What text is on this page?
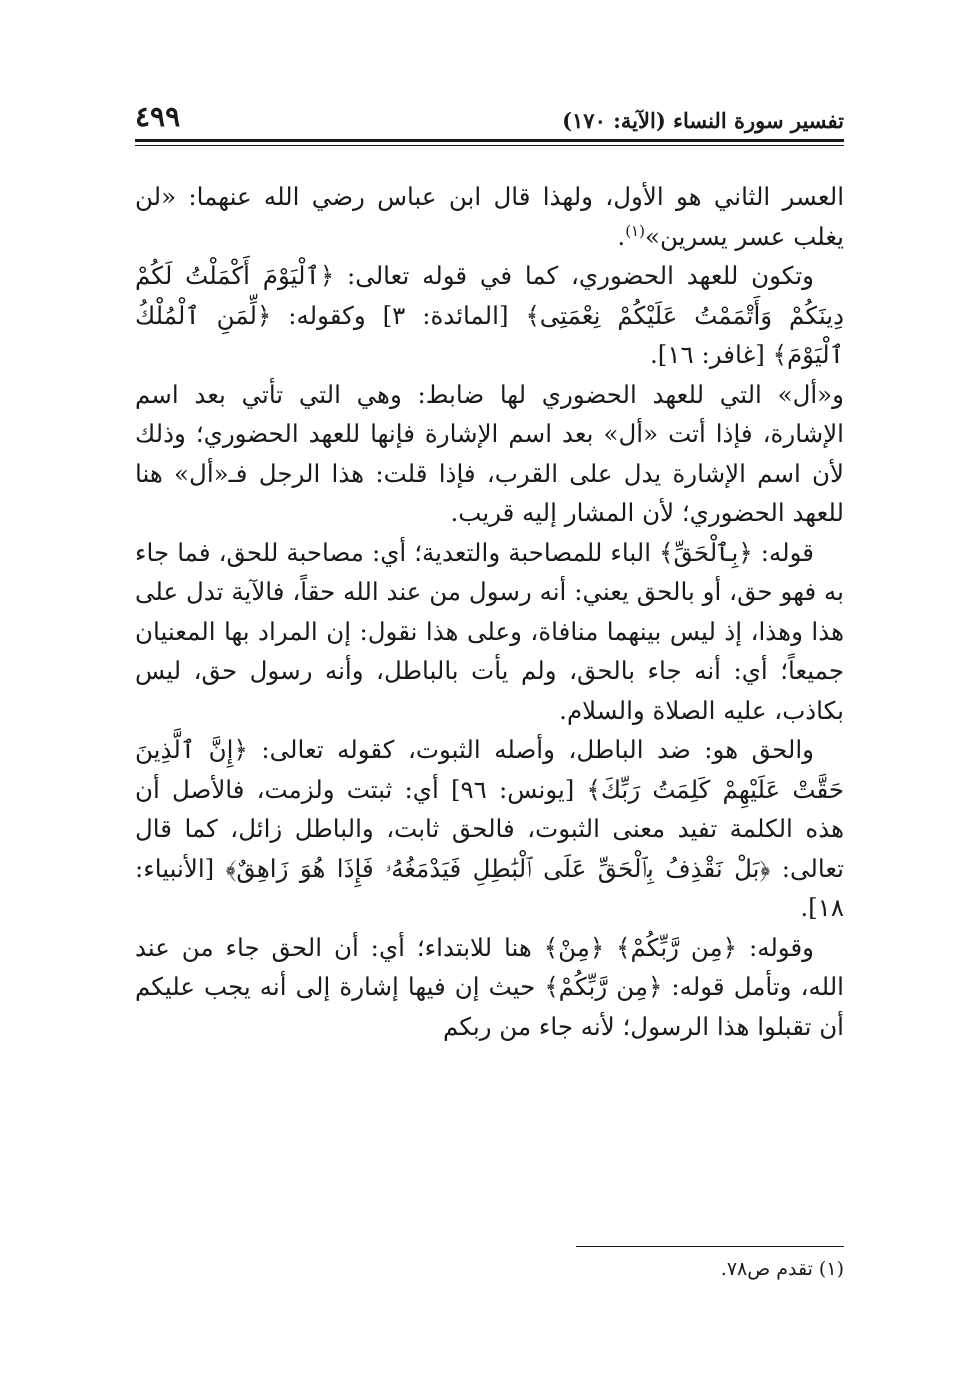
تفسير سورة النساء (الآية: ١٧٠)
٤٩٩

العسر الثاني هو الأول، ولهذا قال ابن عباس رضي الله عنهما: «لن يغلب عسر يسرين»$^{(١)}$.

وتكون للعهد الحضوري، كما في قوله تعالى: ﴿ٱلْيَوْمَ أَكْمَلْتُ لَكُمْ دِينَكُمْ وَأَتْمَمْتُ عَلَيْكُمْ نِعْمَتِى﴾ [المائدة: ٣] وكقوله: ﴿لِّمَنِ ٱلْمُلْكُ ٱلْيَوْمَ﴾ [غافر: ١٦].

و«أل» التي للعهد الحضوري لها ضابط: وهي التي تأتي بعد اسم الإشارة، فإذا أتت «أل» بعد اسم الإشارة فإنها للعهد الحضوري؛ وذلك لأن اسم الإشارة يدل على القرب، فإذا قلت: هذا الرجل فـ«أل» هنا للعهد الحضوري؛ لأن المشار إليه قريب.

قوله: ﴿بِٱلْحَقِّ﴾ الباء للمصاحبة والتعدية؛ أي: مصاحبة للحق، فما جاء به فهو حق، أو بالحق يعني: أنه رسول من عند الله حقاً، فالآية تدل على هذا وهذا، إذ ليس بينهما منافاة، وعلى هذا نقول: إن المراد بها المعنيان جميعاً؛ أي: أنه جاء بالحق، ولم يأت بالباطل، وأنه رسول حق، ليس بكاذب، عليه الصلاة والسلام.

والحق هو: ضد الباطل، وأصله الثبوت، كقوله تعالى: ﴿إِنَّ ٱلَّذِينَ حَقَّتْ عَلَيْهِمْ كَلِمَتُ رَبِّكَ﴾ [يونس: ٩٦] أي: ثبتت ولزمت، فالأصل أن هذه الكلمة تفيد معنى الثبوت، فالحق ثابت، والباطل زائل، كما قال تعالى: ﴿بَلْ نَقْذِفُ بِٱلْحَقِّ عَلَى ٱلْبَٰطِلِ فَيَدْمَغُهُۥ فَإِذَا هُوَ زَاهِقٌ﴾ [الأنبياء: ١٨].

وقوله: ﴿مِن رَّبِّكُمْ﴾ ﴿مِنْ﴾ هنا للابتداء؛ أي: أن الحق جاء من عند الله، وتأمل قوله: ﴿مِن رَّبِّكُمْ﴾ حيث إن فيها إشارة إلى أنه يجب عليكم أن تقبلوا هذا الرسول؛ لأنه جاء من ربكم

(١) تقدم ص٧٨.
